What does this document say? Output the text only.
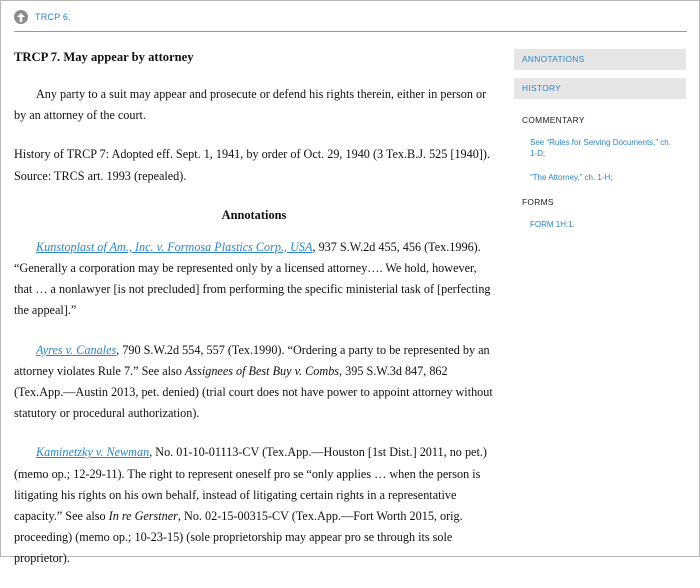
TRCP 6.
TRCP 7. May appear by attorney

Any party to a suit may appear and prosecute or defend his rights therein, either in person or by an attorney of the court.

History of TRCP 7: Adopted eff. Sept. 1, 1941, by order of Oct. 29, 1940 (3 Tex.B.J. 525 [1940]). Source: TRCS art. 1993 (repealed).

Annotations

Kunstoplast of Am., Inc. v. Formosa Plastics Corp., USA, 937 S.W.2d 455, 456 (Tex.1996). “Generally a corporation may be represented only by a licensed attorney…. We hold, however, that … a nonlawyer [is not precluded] from performing the specific ministerial task of [perfecting the appeal].”

Ayres v. Canales, 790 S.W.2d 554, 557 (Tex.1990). “Ordering a party to be represented by an attorney violates Rule 7.” See also Assignees of Best Buy v. Combs, 395 S.W.3d 847, 862 (Tex.App.—Austin 2013, pet. denied) (trial court does not have power to appoint attorney without statutory or procedural authorization).

Kaminetzky v. Newman, No. 01-10-01113-CV (Tex.App.—Houston [1st Dist.] 2011, no pet.) (memo op.; 12-29-11). The right to represent oneself pro se “only applies … when the person is litigating his rights on his own behalf, instead of litigating certain rights in a representative capacity.” See also In re Gerstner, No. 02-15-00315-CV (Tex.App.—Fort Worth 2015, orig. proceeding) (memo op.; 10-23-15) (sole proprietorship may appear pro se through its sole proprietor).

ANNOTATIONS
HISTORY
COMMENTARY
See “Rules for Serving Documents,” ch. 1-D;
“The Attorney,” ch. 1-H;
FORMS
FORM 1H:1.
